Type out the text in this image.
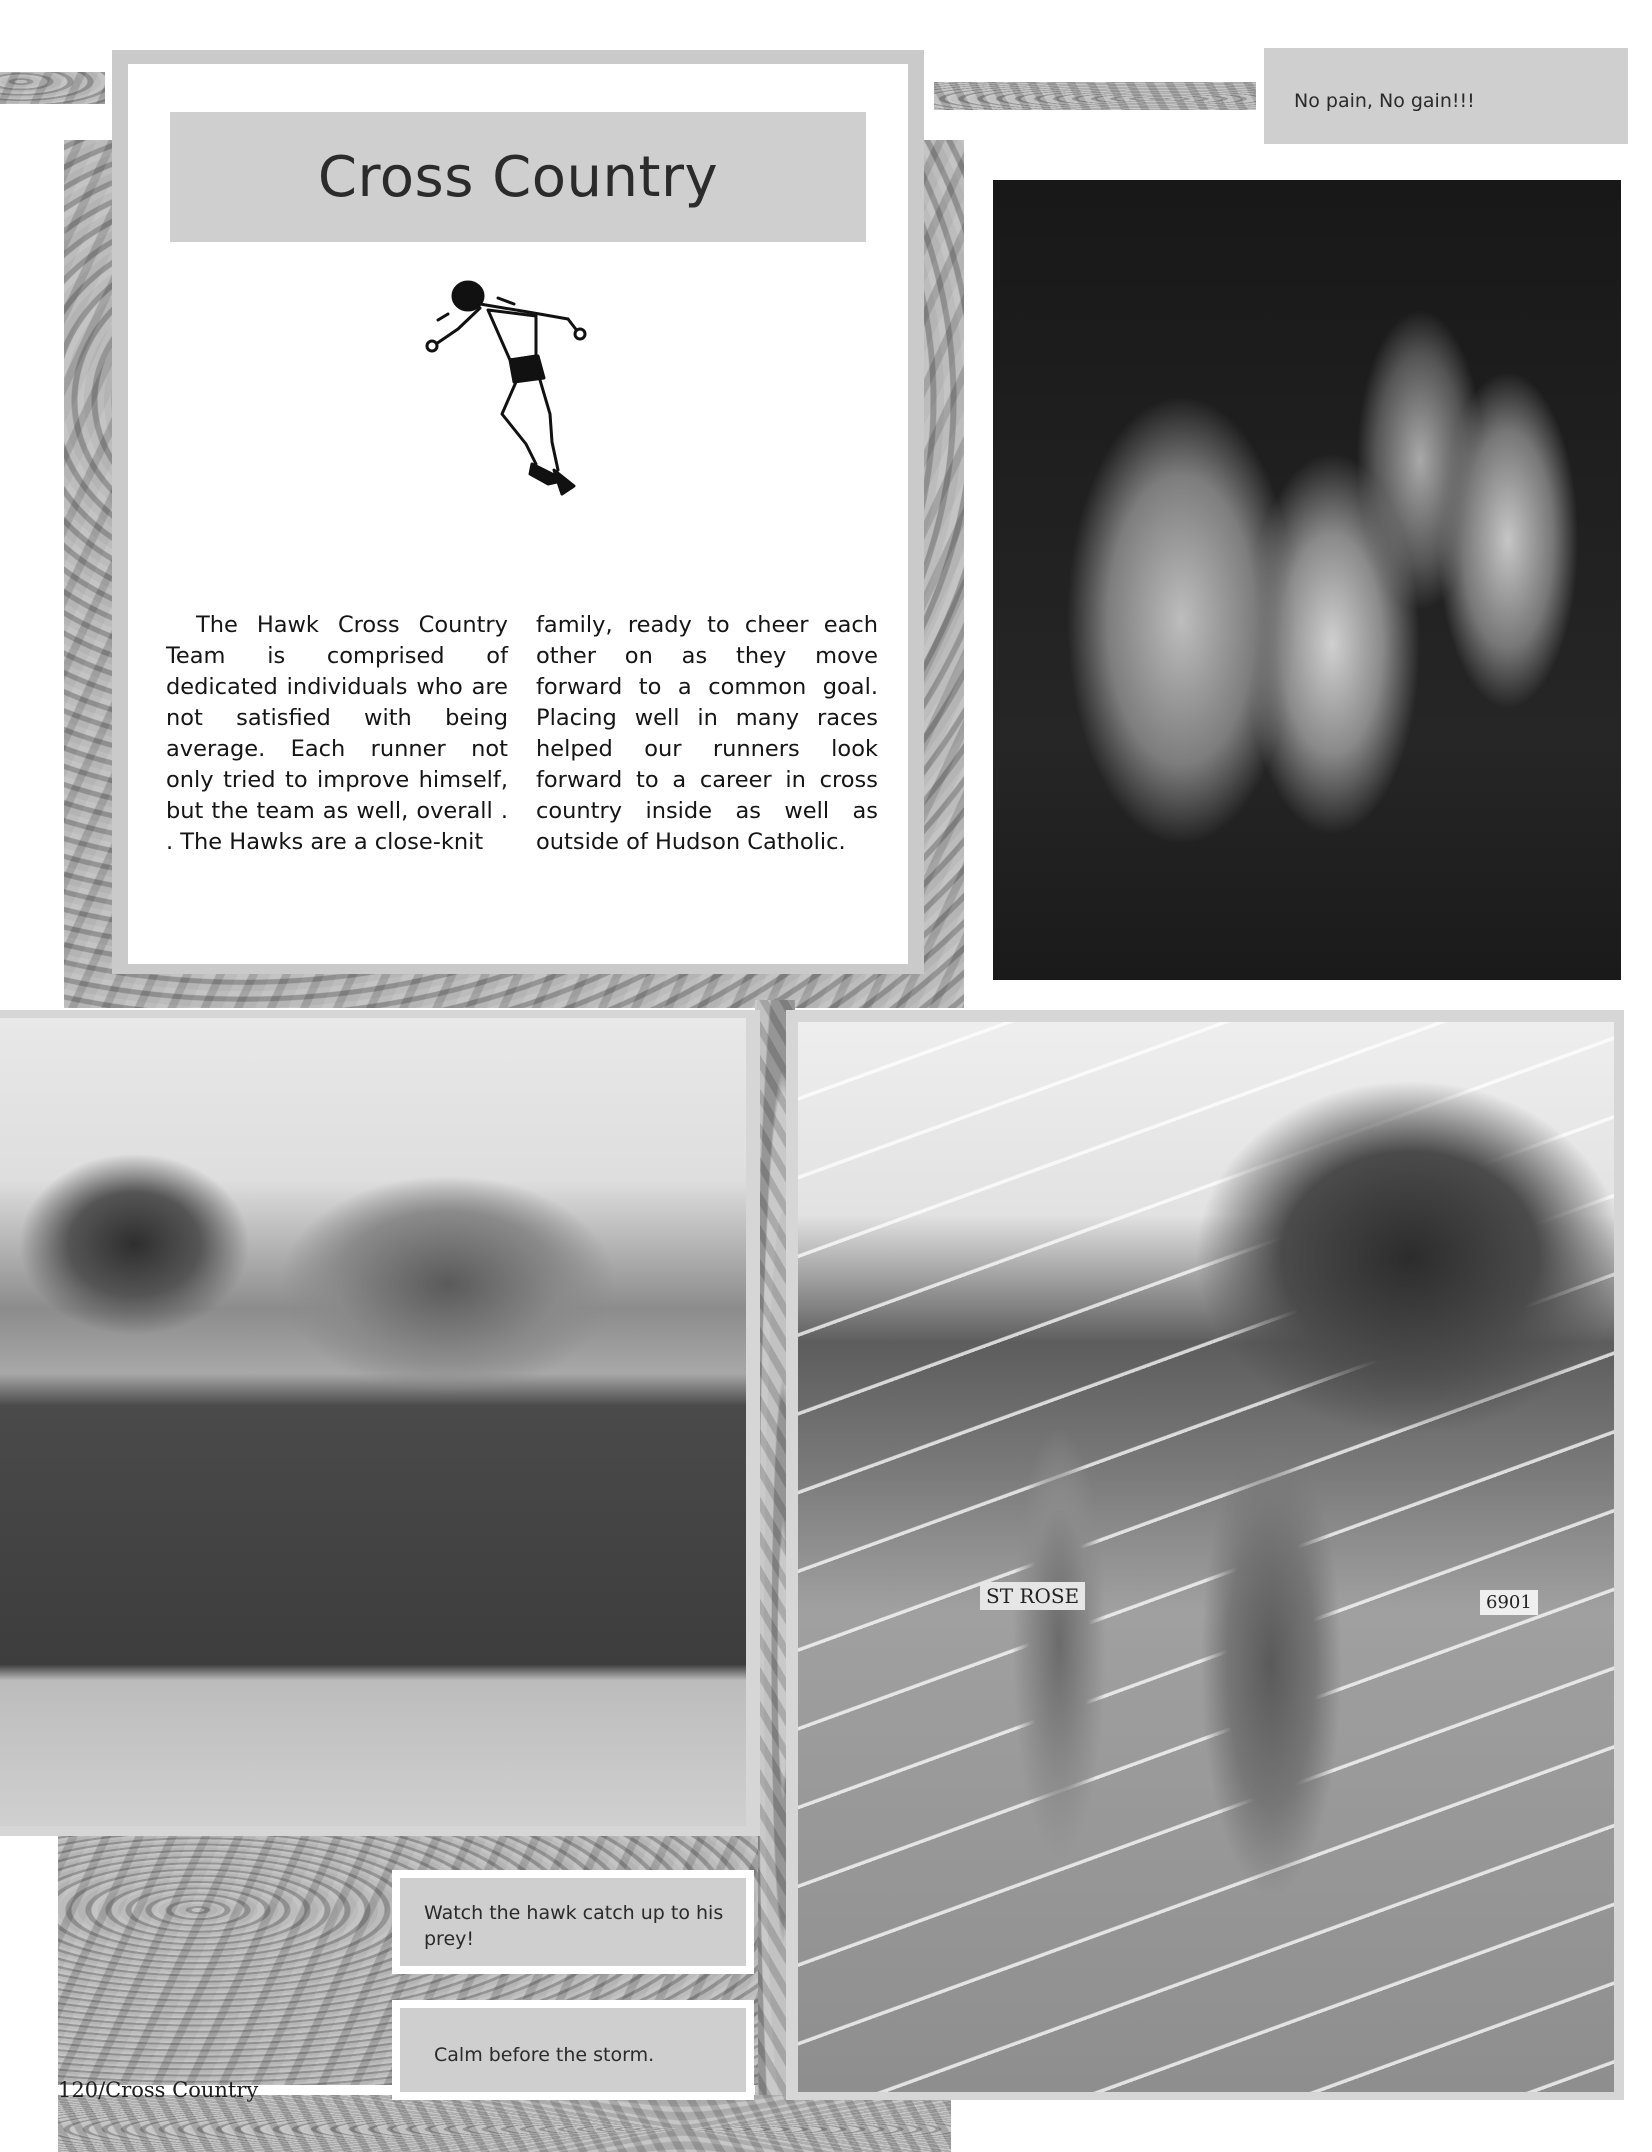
Cross Country

The Hawk Cross Country Team is comprised of dedicated individuals who are not satisfied with being average. Each runner not only tried to improve himself, but the team as well, overall . . The Hawks are a close-knit

family, ready to cheer each other on as they move forward to a common goal. Placing well in many races helped our runners look forward to a career in cross country inside as well as outside of Hudson Catholic.

No pain, No gain!!!
ST ROSE	6901
Watch the hawk catch up to his prey!
Calm before the storm.
120/Cross Country
